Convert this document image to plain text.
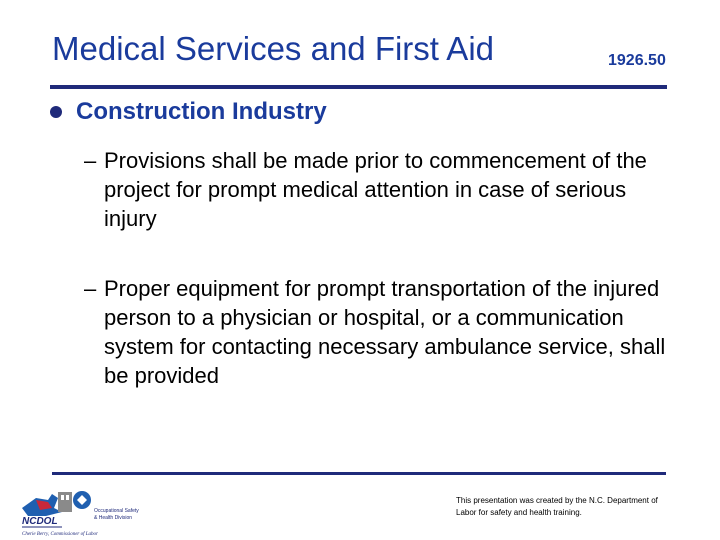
Medical Services and First Aid	1926.50
Construction Industry
– Provisions shall be made prior to commencement of the project for prompt medical attention in case of serious injury
– Proper equipment for prompt transportation of the injured person to a physician or hospital, or a communication system for contacting necessary ambulance service, shall be provided
NCDOL
Occupational Safety
& Health Division
Cherie Berry, Commissioner of Labor
This presentation was created by the N.C. Department of Labor for safety and health training.
